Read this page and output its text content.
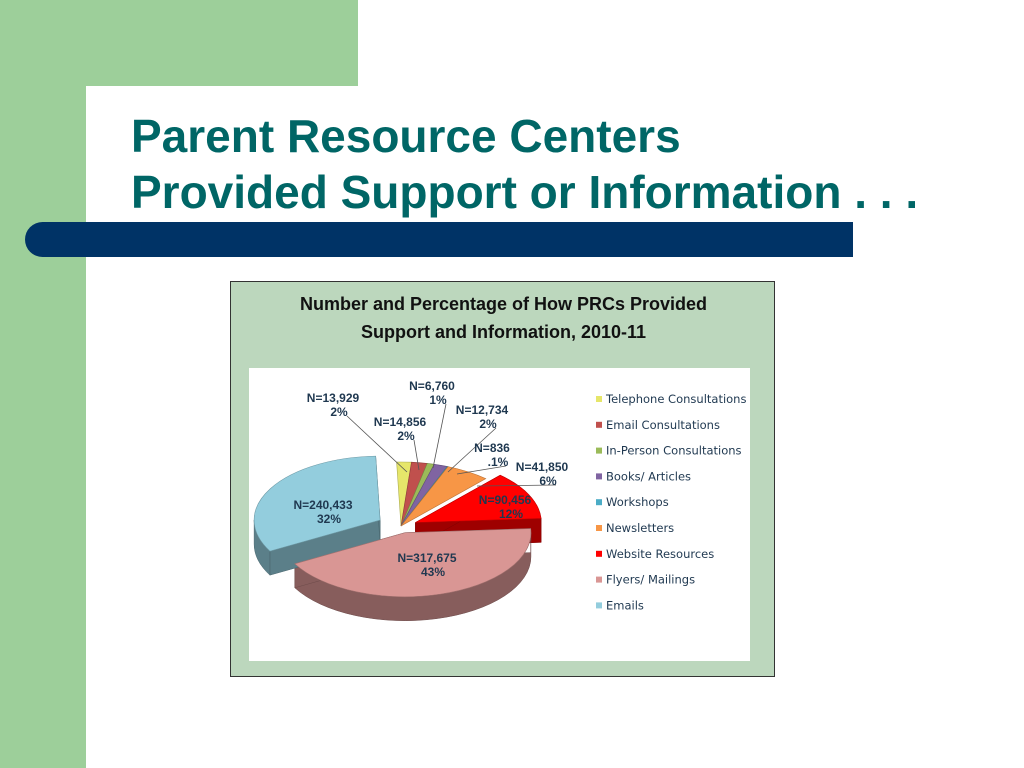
Parent Resource Centers
Provided Support or Information . . .

Number and Percentage of How PRCs Provided
Support and Information, 2010-11

N=13,929
2%
N=14,856
2%
N=6,760
1%
N=12,734
2%
N=836
.1% N=41,850
6%
N=90,456
12%
N=317,675
43%
N=240,433
32%
Telephone Consultations
Email Consultations
In-Person Consultations
Books/ Articles
Workshops
Newsletters
Website Resources
Flyers/ Mailings
Emails
